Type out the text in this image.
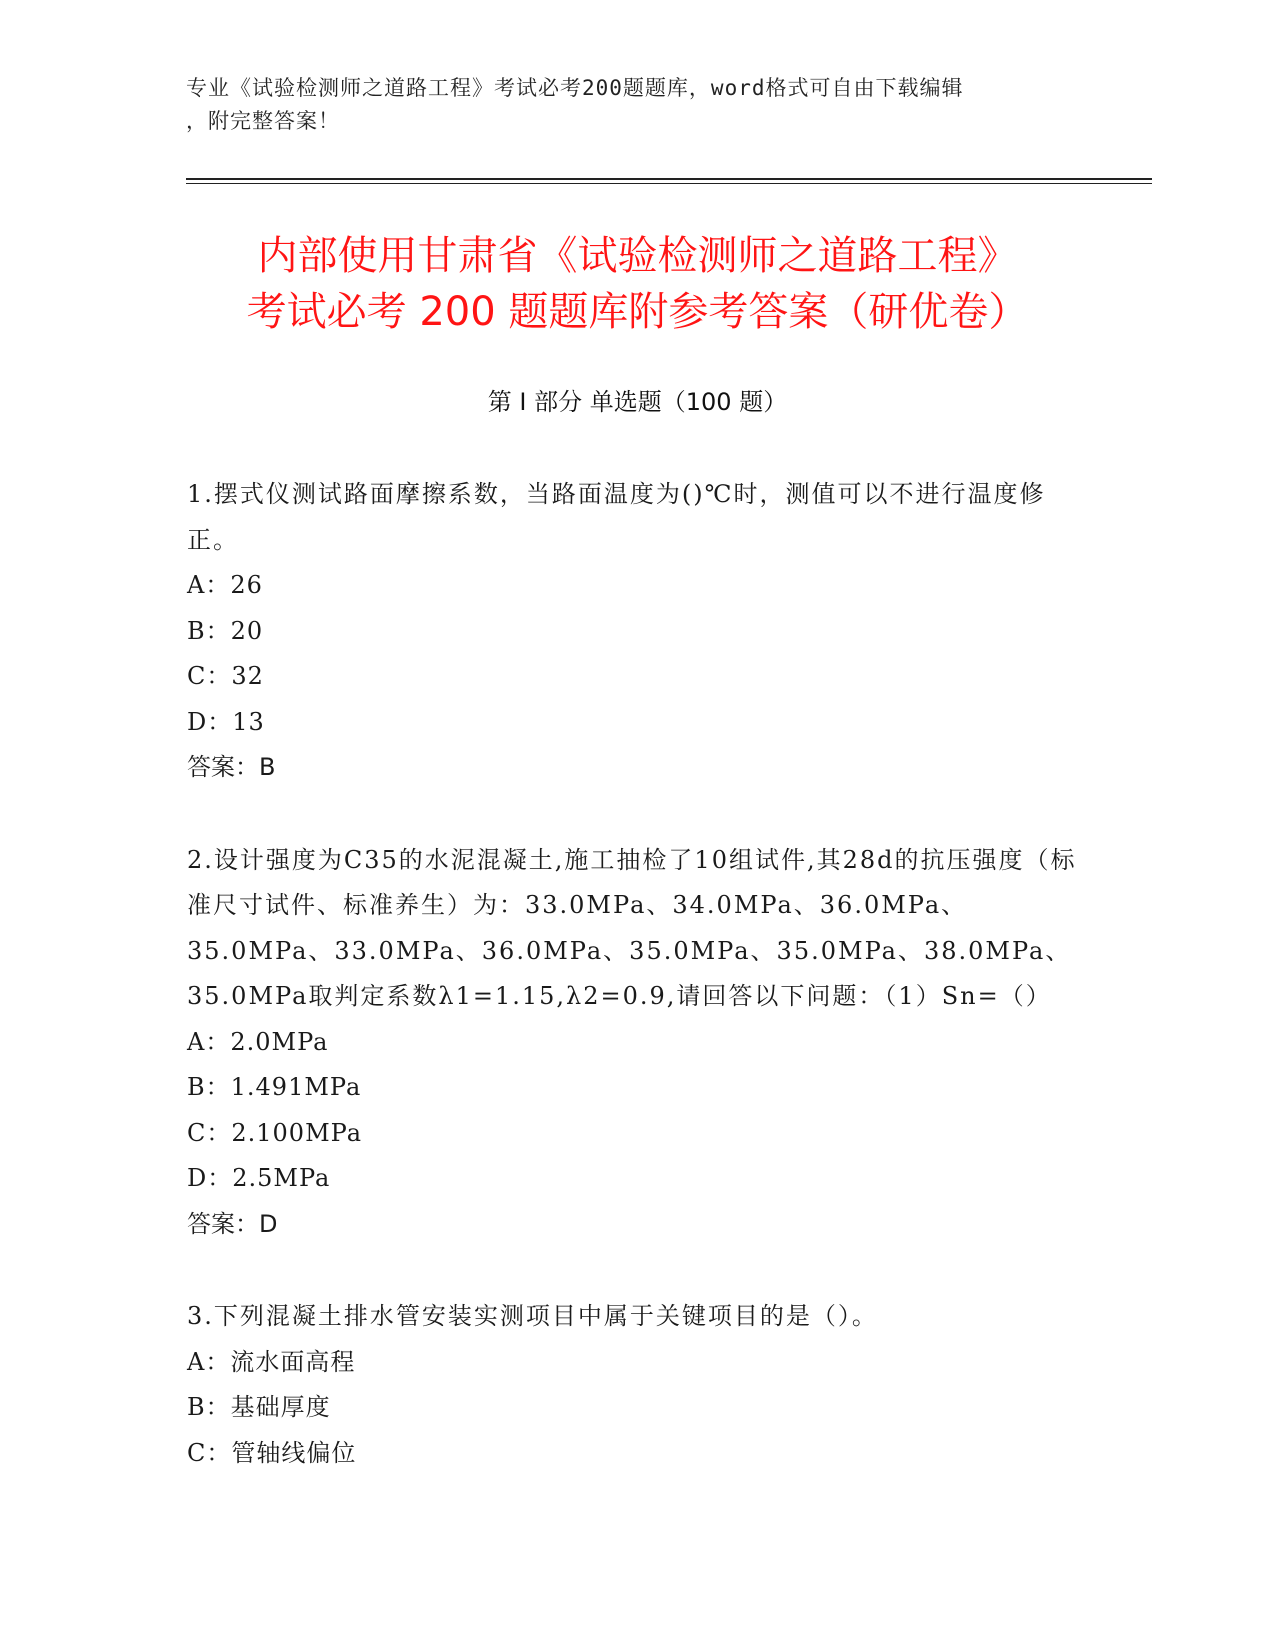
专业《试验检测师之道路工程》考试必考200题题库，word格式可自由下载编辑
，附完整答案！
内部使用甘肃省《试验检测师之道路工程》
考试必考 200 题题库附参考答案（研优卷）
第 I 部分 单选题（100 题）
1.摆式仪测试路面摩擦系数，当路面温度为()℃时，测值可以不进行温度修正。
A：26
B：20
C：32
D：13
答案：B
2.设计强度为C35的水泥混凝土,施工抽检了10组试件,其28d的抗压强度（标准尺寸试件、标准养生）为：33.0MPa、34.0MPa、36.0MPa、35.0MPa、33.0MPa、36.0MPa、35.0MPa、35.0MPa、38.0MPa、35.0MPa取判定系数λ1=1.15,λ2=0.9,请回答以下问题：（1）Sn=（）
A：2.0MPa
B：1.491MPa
C：2.100MPa
D：2.5MPa
答案：D
3.下列混凝土排水管安装实测项目中属于关键项目的是（）。
A：流水面高程
B：基础厚度
C：管轴线偏位
